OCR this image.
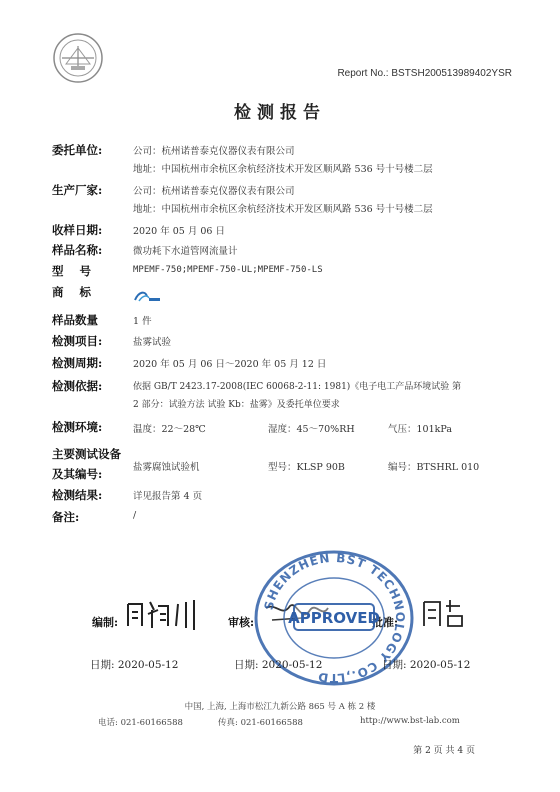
Report No.: BSTSH200513989402YSR
检测报告
委托单位:	公司：杭州诺普泰克仪器仪表有限公司
地址：中国杭州市余杭区余杭经济技术开发区顺风路 536 号十号楼二层
生产厂家:	公司：杭州诺普泰克仪器仪表有限公司
地址：中国杭州市余杭区余杭经济技术开发区顺风路 536 号十号楼二层
收样日期:	2020 年 05 月 06 日
样品名称:	微功耗下水道管网流量计
型    号	MPEMF-750;MPEMF-750-UL;MPEMF-750-LS
商    标
样品数量	1 件
检测项目:	盐雾试验
检测周期:	2020 年 05 月 06 日～2020 年 05 月 12 日
检测依据:	依据 GB/T 2423.17-2008(IEC 60068-2-11: 1981)《电子电工产品环境试验 第
2 部分：试验方法 试验 Kb：盐雾》及委托单位要求
检测环境:	温度：22～28℃	湿度：45～70%RH	气压：101kPa
主要测试设备
及其编号:	盐雾腐蚀试验机	型号：KLSP 90B	编号：BTSHRL 010
检测结果:	详见报告第 4 页
备注:	/
编制:	审核:	批准:
SHENZHEN BST TECHNOLOGY CO.,LTD
APPROVED
日期: 2020-05-12	日期: 2020-05-12	日期: 2020-05-12
中国, 上海, 上海市松江九新公路 865 号 A 栋 2 楼
电话: 021-60166588	传真: 021-60166588	http://www.bst-lab.com
第 2 页 共 4 页
